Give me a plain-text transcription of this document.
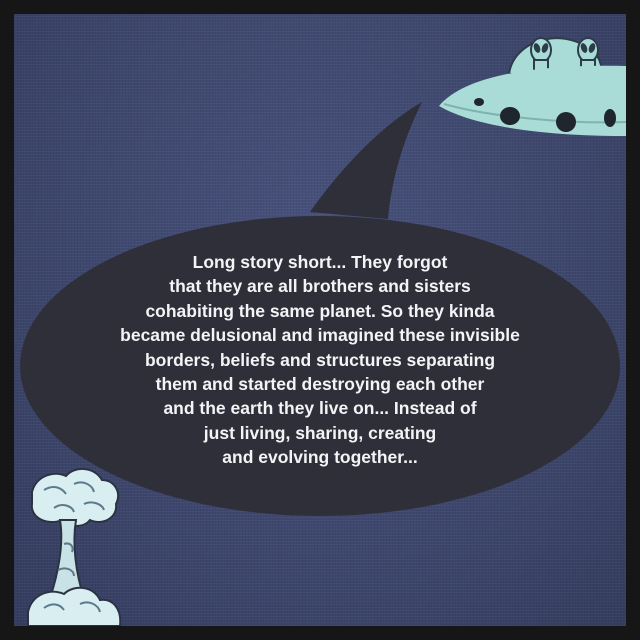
Long story short... They forgot
that they are all brothers and sisters
cohabiting the same planet. So they kinda
became delusional and imagined these invisible
borders, beliefs and structures separating
them and started destroying each other
and the earth they live on... Instead of
just living, sharing, creating
and evolving together...
